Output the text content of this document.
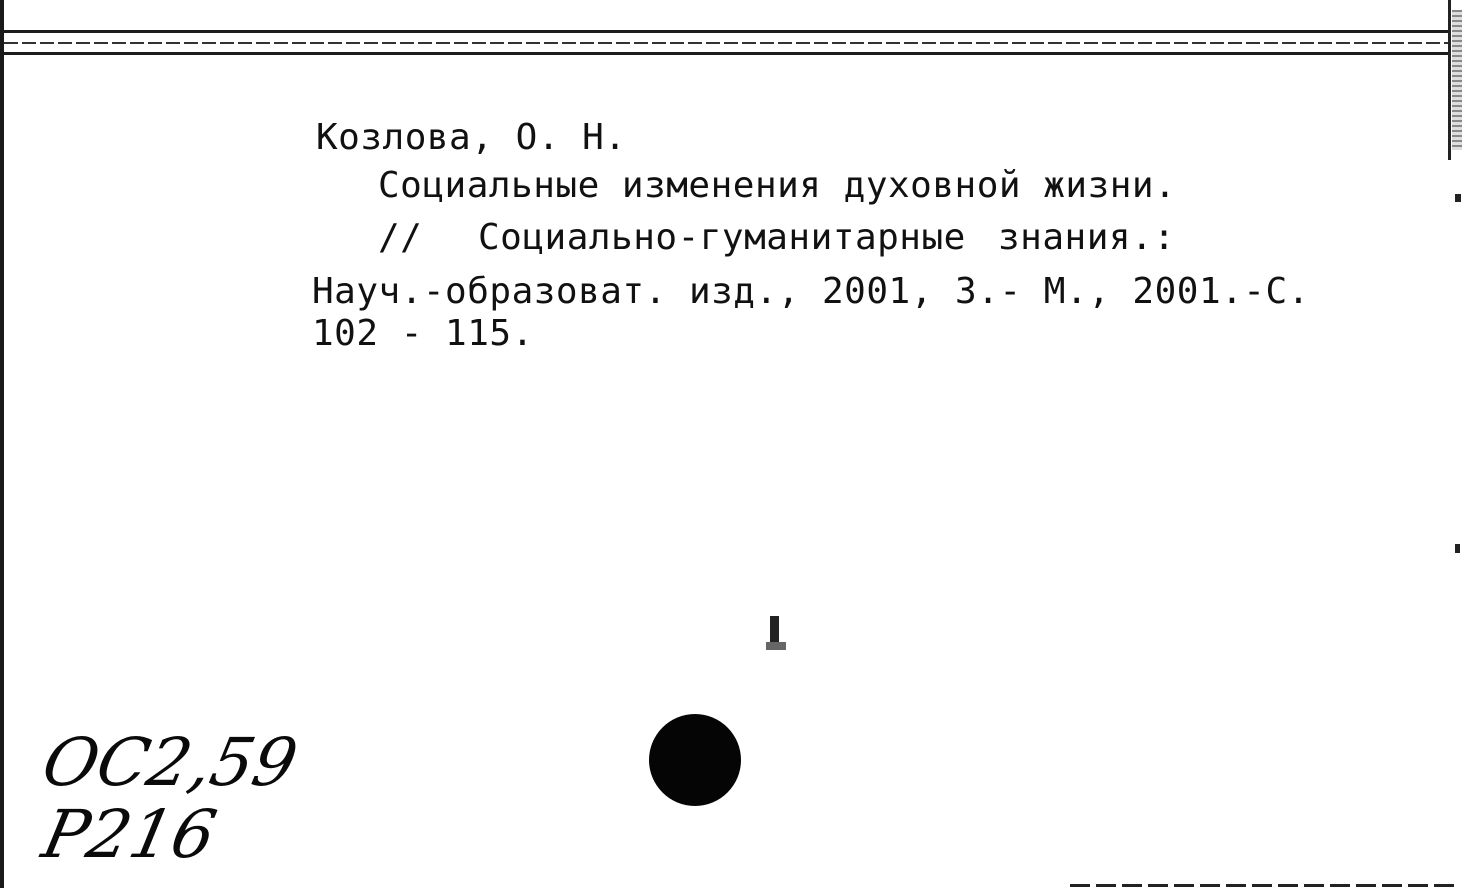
Козлова, О. Н.
Социальные изменения духовной жизни.
// Социально-гуманитарные знания.:
Науч.-образоват. изд., 2001, 3.- М., 2001.-С.
102 - 115.
ОС2,59
Р216
